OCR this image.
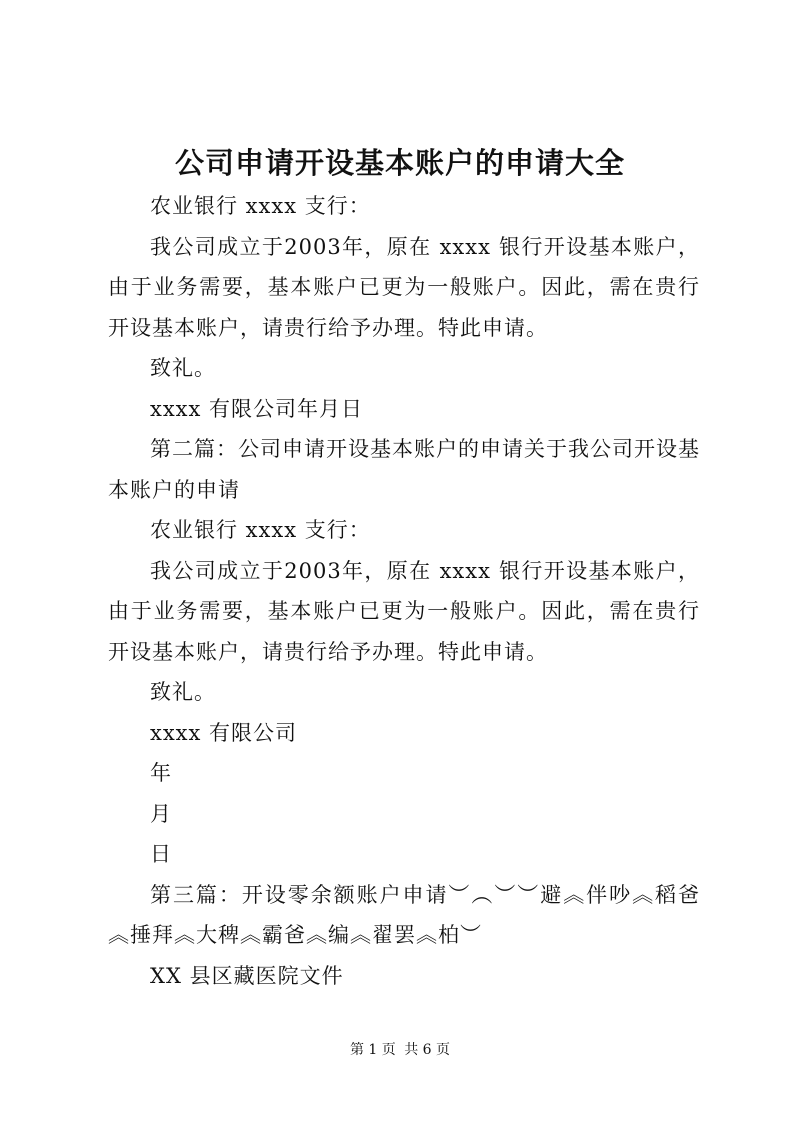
公司申请开设基本账户的申请大全

农业银行 xxxx 支行：

我公司成立于2003年，原在 xxxx 银行开设基本账户，由于业务需要，基本账户已更为一般账户。因此，需在贵行开设基本账户，请贵行给予办理。特此申请。

致礼。

xxxx 有限公司年月日

第二篇：公司申请开设基本账户的申请关于我公司开设基本账户的申请

农业银行 xxxx 支行：

我公司成立于2003年，原在 xxxx 银行开设基本账户，由于业务需要，基本账户已更为一般账户。因此，需在贵行开设基本账户，请贵行给予办理。特此申请。

致礼。

xxxx 有限公司

年

月

日

第三篇：开设零余额账户申请︶︵︶︶避︽伴吵︽稻爸︽捶拜︽大稗︽霸爸︽编︽翟罢︽柏︶

XX 县区藏医院文件

第 1 页 共 6 页
